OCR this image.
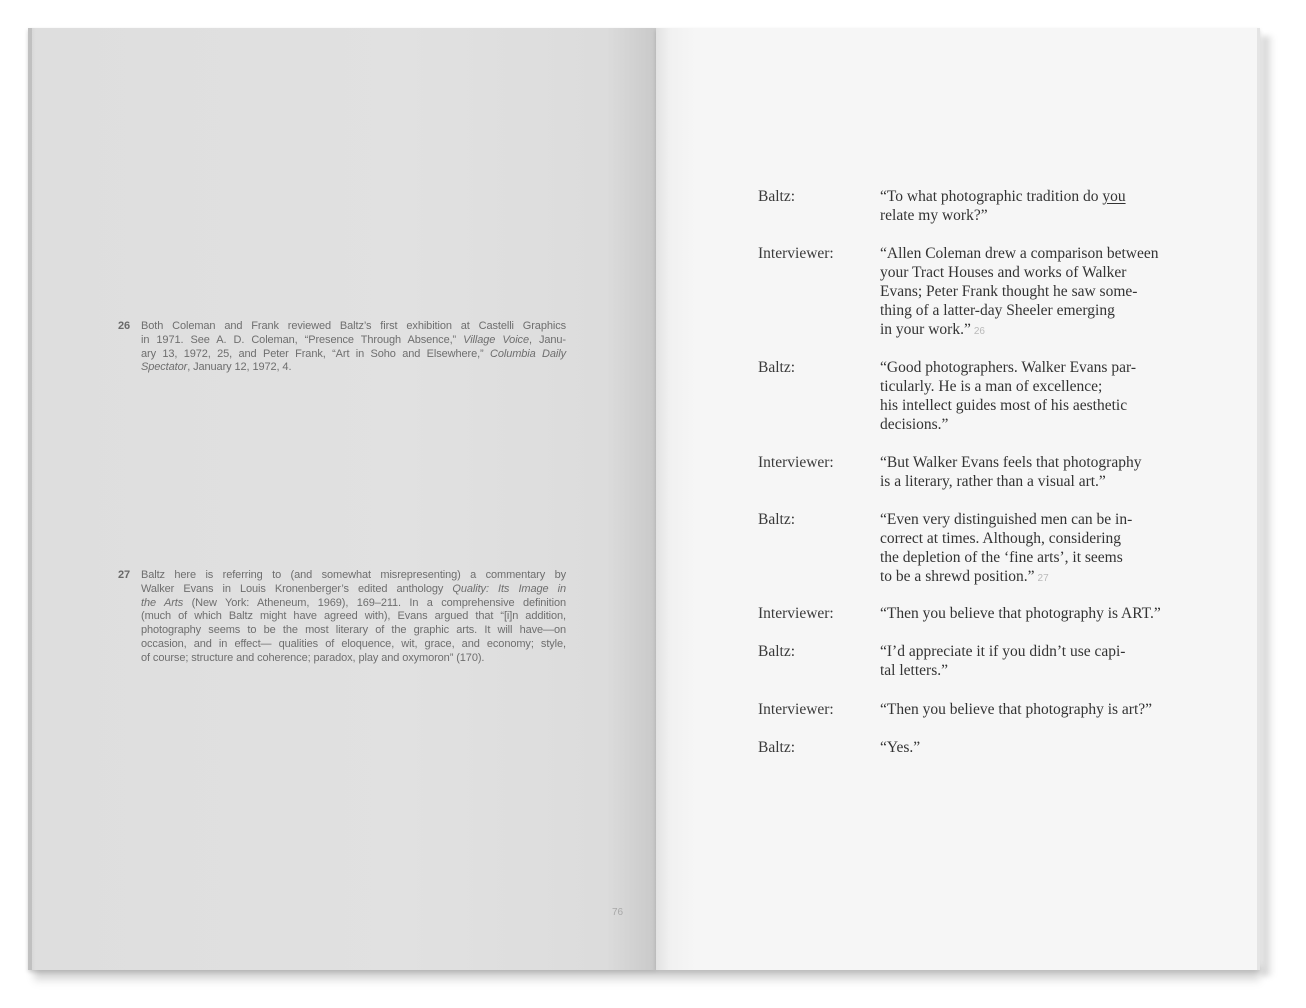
26 Both Coleman and Frank reviewed Baltz’s first exhibition at Castelli Graphics
in 1971. See A. D. Coleman, “Presence Through Absence,” Village Voice, Janu-
ary 13, 1972, 25, and Peter Frank, “Art in Soho and Elsewhere,” Columbia Daily
Spectator, January 12, 1972, 4.
27 Baltz here is referring to (and somewhat misrepresenting) a commentary by
Walker Evans in Louis Kronenberger’s edited anthology Quality: Its Image in
the Arts (New York: Atheneum, 1969), 169–211. In a comprehensive definition
(much of which Baltz might have agreed with), Evans argued that “[i]n addition,
photography seems to be the most literary of the graphic arts. It will have—on
occasion, and in effect— qualities of eloquence, wit, grace, and economy; style,
of course; structure and coherence; paradox, play and oxymoron” (170).
76
Baltz:	“To what photographic tradition do you
relate my work?”
Interviewer:	“Allen Coleman drew a comparison between
your Tract Houses and works of Walker
Evans; Peter Frank thought he saw some-
thing of a latter-day Sheeler emerging
in your work.” 26
Baltz:	“Good photographers. Walker Evans par-
ticularly. He is a man of excellence;
his intellect guides most of his aesthetic
decisions.”
Interviewer:	“But Walker Evans feels that photography
is a literary, rather than a visual art.”
Baltz:	“Even very distinguished men can be in-
correct at times. Although, considering
the depletion of the ‘fine arts’, it seems
to be a shrewd position.” 27
Interviewer:	“Then you believe that photography is ART.”
Baltz:	“I’d appreciate it if you didn’t use capi-
tal letters.”
Interviewer:	“Then you believe that photography is art?”
Baltz:	“Yes.”
